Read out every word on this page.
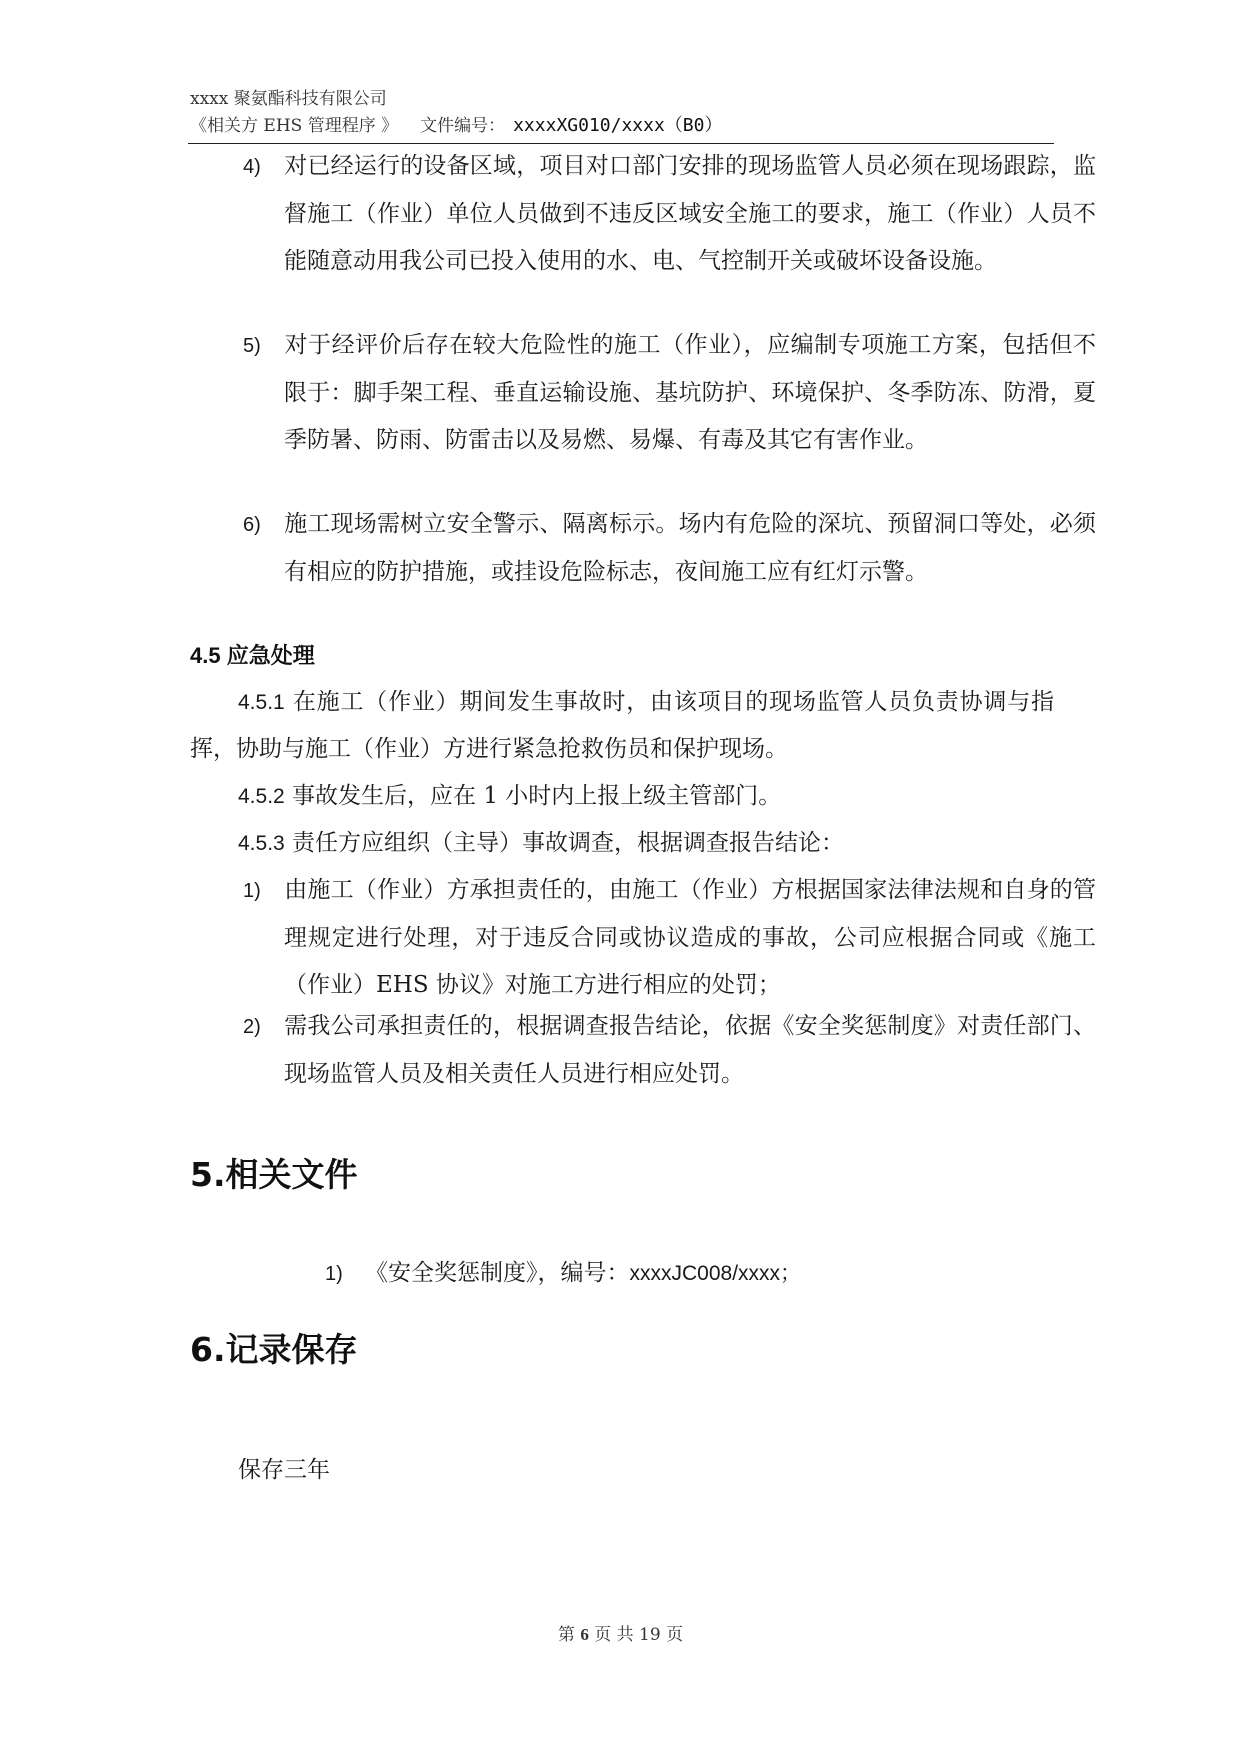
xxxx 聚氨酯科技有限公司
《相关方 EHS 管理程序 》 文件编号： xxxxXG010/xxxx（B0）
4) 对已经运行的设备区域，项目对口部门安排的现场监管人员必须在现场跟踪，监督施工（作业）单位人员做到不违反区域安全施工的要求，施工（作业）人员不能随意动用我公司已投入使用的水、电、气控制开关或破坏设备设施。
5) 对于经评价后存在较大危险性的施工（作业），应编制专项施工方案，包括但不限于：脚手架工程、垂直运输设施、基坑防护、环境保护、冬季防冻、防滑，夏季防暑、防雨、防雷击以及易燃、易爆、有毒及其它有害作业。
6) 施工现场需树立安全警示、隔离标示。场内有危险的深坑、预留洞口等处，必须有相应的防护措施，或挂设危险标志，夜间施工应有红灯示警。
4.5 应急处理
4.5.1 在施工（作业）期间发生事故时，由该项目的现场监管人员负责协调与指挥，协助与施工（作业）方进行紧急抢救伤员和保护现场。
4.5.2 事故发生后，应在 1 小时内上报上级主管部门。
4.5.3 责任方应组织（主导）事故调查，根据调查报告结论：
1) 由施工（作业）方承担责任的，由施工（作业）方根据国家法律法规和自身的管理规定进行处理，对于违反合同或协议造成的事故，公司应根据合同或《施工（作业）EHS 协议》对施工方进行相应的处罚；
2) 需我公司承担责任的，根据调查报告结论，依据《安全奖惩制度》对责任部门、现场监管人员及相关责任人员进行相应处罚。
5.相关文件
1) 《安全奖惩制度》，编号：xxxxJC008/xxxx；
6.记录保存
保存三年
第 6 页 共 19 页
